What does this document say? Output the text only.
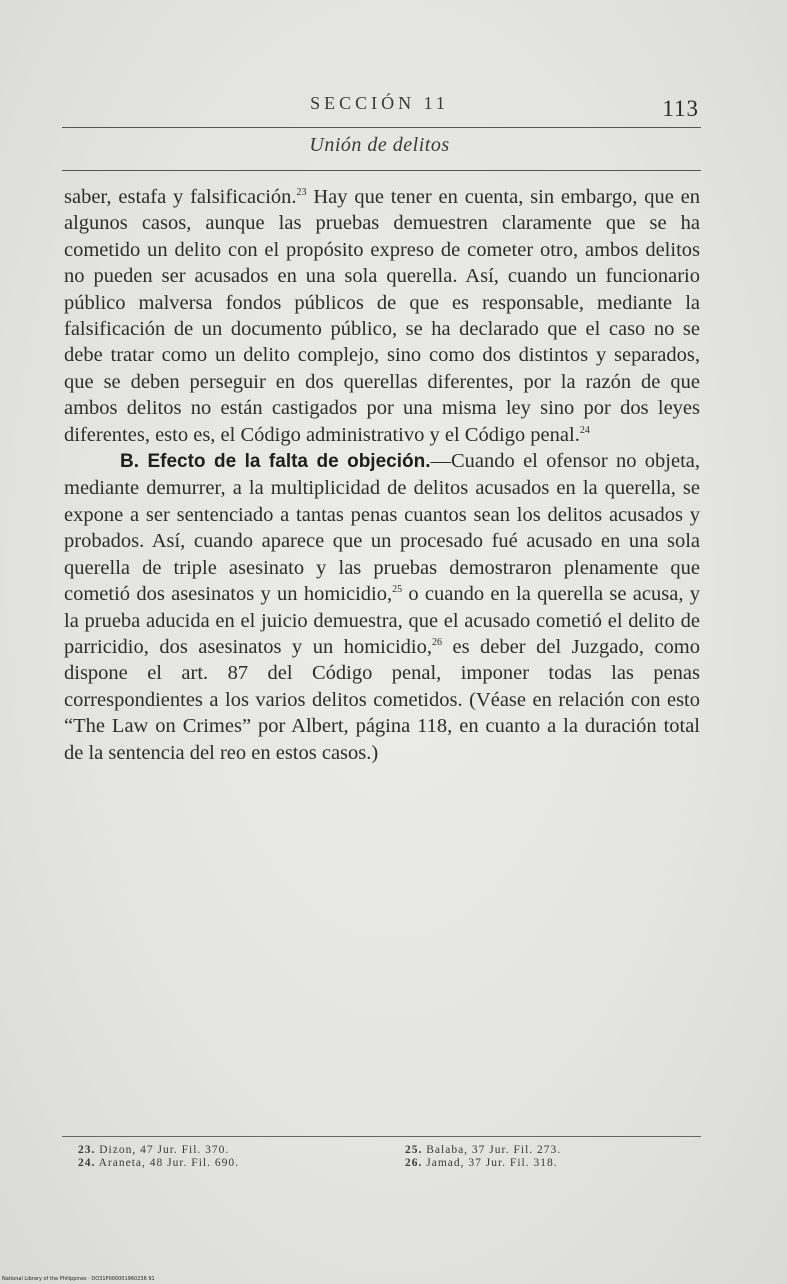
SECCIÓN 11	113
Unión de delitos

saber, estafa y falsificación.$^{23}$ Hay que tener en cuenta, sin embargo, que en algunos casos, aunque las pruebas demuestren claramente que se ha cometido un delito con el propósito expreso de cometer otro, ambos delitos no pueden ser acusados en una sola querella. Así, cuando un funcionario público malversa fondos públicos de que es responsable, mediante la falsificación de un documento público, se ha declarado que el caso no se debe tratar como un delito complejo, sino como dos distintos y separados, que se deben perseguir en dos querellas diferentes, por la razón de que ambos delitos no están castigados por una misma ley sino por dos leyes diferentes, esto es, el Código administrativo y el Código penal.$^{24}$

B. Efecto de la falta de objeción.—Cuando el ofensor no objeta, mediante demurrer, a la multiplicidad de delitos acusados en la querella, se expone a ser sentenciado a tantas penas cuantos sean los delitos acusados y probados. Así, cuando aparece que un procesado fué acusado en una sola querella de triple asesinato y las pruebas demostraron plenamente que cometió dos asesinatos y un homicidio,$^{25}$ o cuando en la querella se acusa, y la prueba aducida en el juicio demuestra, que el acusado cometió el delito de parricidio, dos asesinatos y un homicidio,$^{26}$ es deber del Juzgado, como dispone el art. 87 del Código penal, imponer todas las penas correspondientes a los varios delitos cometidos. (Véase en relación con esto “The Law on Crimes” por Albert, página 118, en cuanto a la duración total de la sentencia del reo en estos casos.)

23. Dizon, 47 Jur. Fil. 370.
24. Araneta, 48 Jur. Fil. 690.
25. Balaba, 37 Jur. Fil. 273.
26. Jamad, 37 Jur. Fil. 318.
National Library of the Philippines · DO31P000001960236 91
